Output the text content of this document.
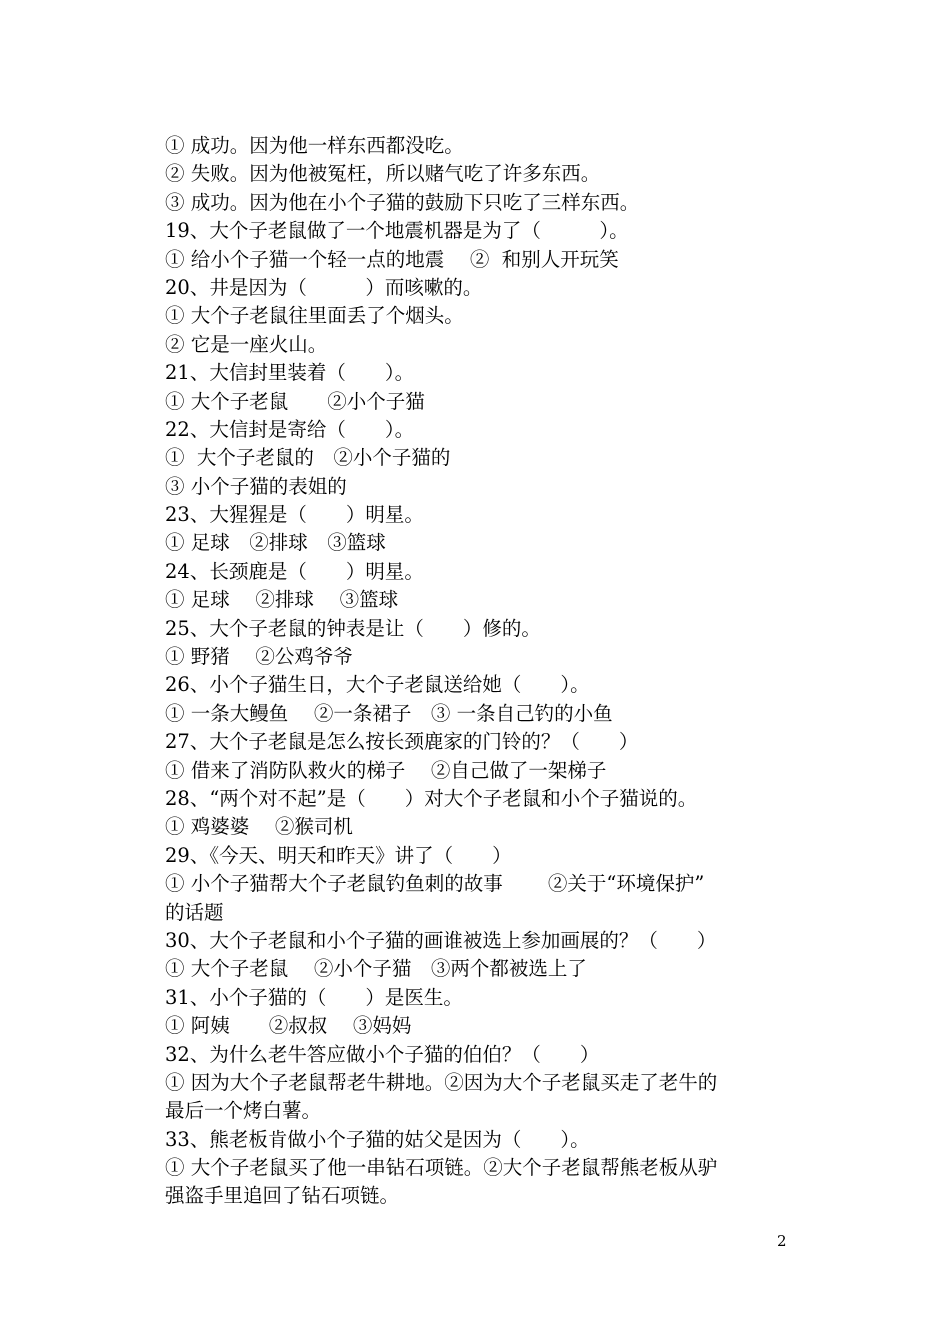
① 成功。因为他一样东西都没吃。
② 失败。因为他被冤枉，所以赌气吃了许多东西。
③ 成功。因为他在小个子猫的鼓励下只吃了三样东西。
19、大个子老鼠做了一个地震机器是为了（　　　）。
① 给小个子猫一个轻一点的地震　 ②  和别人开玩笑
20、井是因为（　　　）而咳嗽的。
① 大个子老鼠往里面丢了个烟头。
② 它是一座火山。
21、大信封里装着（　　）。
① 大个子老鼠　　②小个子猫
22、大信封是寄给（　　）。
①  大个子老鼠的　②小个子猫的
③ 小个子猫的表姐的
23、大猩猩是（　　）明星。
① 足球　②排球　③篮球
24、长颈鹿是（　　）明星。
① 足球　 ②排球　 ③篮球
25、大个子老鼠的钟表是让（　　）修的。
① 野猪　 ②公鸡爷爷
26、小个子猫生日，大个子老鼠送给她（　　）。
① 一条大鳗鱼　 ②一条裙子　③ 一条自己钓的小鱼
27、大个子老鼠是怎么按长颈鹿家的门铃的？（　　）
① 借来了消防队救火的梯子　 ②自己做了一架梯子
28、“两个对不起”是（　　）对大个子老鼠和小个子猫说的。
① 鸡婆婆　 ②猴司机
29、《今天、明天和昨天》讲了（　　）
① 小个子猫帮大个子老鼠钓鱼刺的故事　　 ②关于“环境保护”
的话题
30、大个子老鼠和小个子猫的画谁被选上参加画展的？（　　）
① 大个子老鼠　 ②小个子猫　③两个都被选上了
31、小个子猫的（　　）是医生。
① 阿姨　　②叔叔　 ③妈妈
32、为什么老牛答应做小个子猫的伯伯？（　　）
① 因为大个子老鼠帮老牛耕地。②因为大个子老鼠买走了老牛的
最后一个烤白薯。
33、熊老板肯做小个子猫的姑父是因为（　　）。
① 大个子老鼠买了他一串钻石项链。②大个子老鼠帮熊老板从驴
强盗手里追回了钻石项链。
2
